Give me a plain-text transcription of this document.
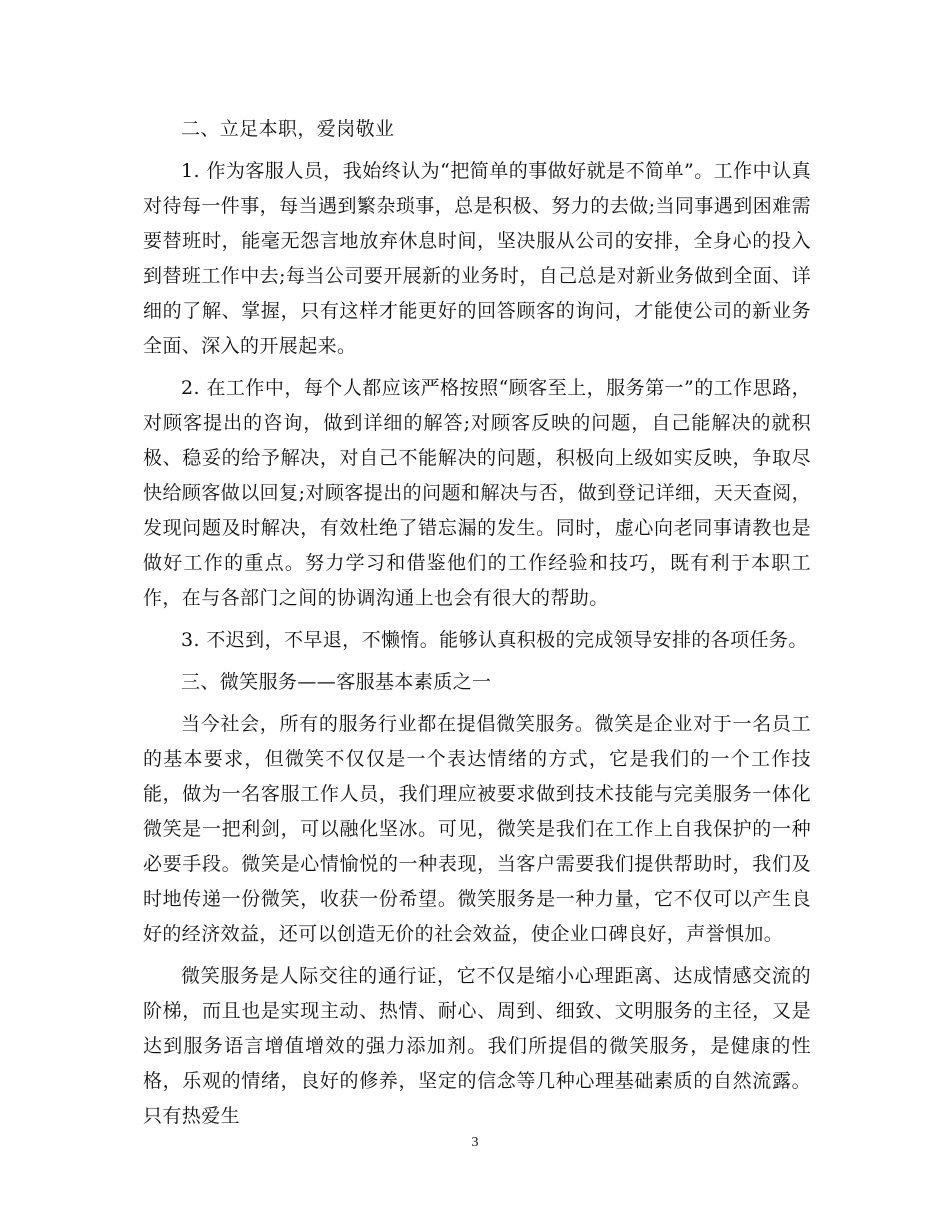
二、立足本职，爱岗敬业

1. 作为客服人员，我始终认为“把简单的事做好就是不简单”。工作中认真对待每一件事，每当遇到繁杂琐事，总是积极、努力的去做;当同事遇到困难需要替班时，能毫无怨言地放弃休息时间，坚决服从公司的安排，全身心的投入到替班工作中去;每当公司要开展新的业务时，自己总是对新业务做到全面、详细的了解、掌握，只有这样才能更好的回答顾客的询问，才能使公司的新业务全面、深入的开展起来。

2. 在工作中，每个人都应该严格按照“顾客至上，服务第一”的工作思路，对顾客提出的咨询，做到详细的解答;对顾客反映的问题，自己能解决的就积极、稳妥的给予解决，对自己不能解决的问题，积极向上级如实反映，争取尽快给顾客做以回复;对顾客提出的问题和解决与否，做到登记详细，天天查阅，发现问题及时解决，有效杜绝了错忘漏的发生。同时，虚心向老同事请教也是做好工作的重点。努力学习和借鉴他们的工作经验和技巧，既有利于本职工作，在与各部门之间的协调沟通上也会有很大的帮助。

3. 不迟到，不早退，不懒惰。能够认真积极的完成领导安排的各项任务。

三、微笑服务——客服基本素质之一

当今社会，所有的服务行业都在提倡微笑服务。微笑是企业对于一名员工的基本要求，但微笑不仅仅是一个表达情绪的方式，它是我们的一个工作技能，做为一名客服工作人员，我们理应被要求做到技术技能与完美服务一体化微笑是一把利剑，可以融化坚冰。可见，微笑是我们在工作上自我保护的一种必要手段。微笑是心情愉悦的一种表现，当客户需要我们提供帮助时，我们及时地传递一份微笑，收获一份希望。微笑服务是一种力量，它不仅可以产生良好的经济效益，还可以创造无价的社会效益，使企业口碑良好，声誉惧加。

微笑服务是人际交往的通行证，它不仅是缩小心理距离、达成情感交流的阶梯，而且也是实现主动、热情、耐心、周到、细致、文明服务的主径，又是达到服务语言增值增效的强力添加剂。我们所提倡的微笑服务，是健康的性格，乐观的情绪，良好的修养，坚定的信念等几种心理基础素质的自然流露。只有热爱生

3
